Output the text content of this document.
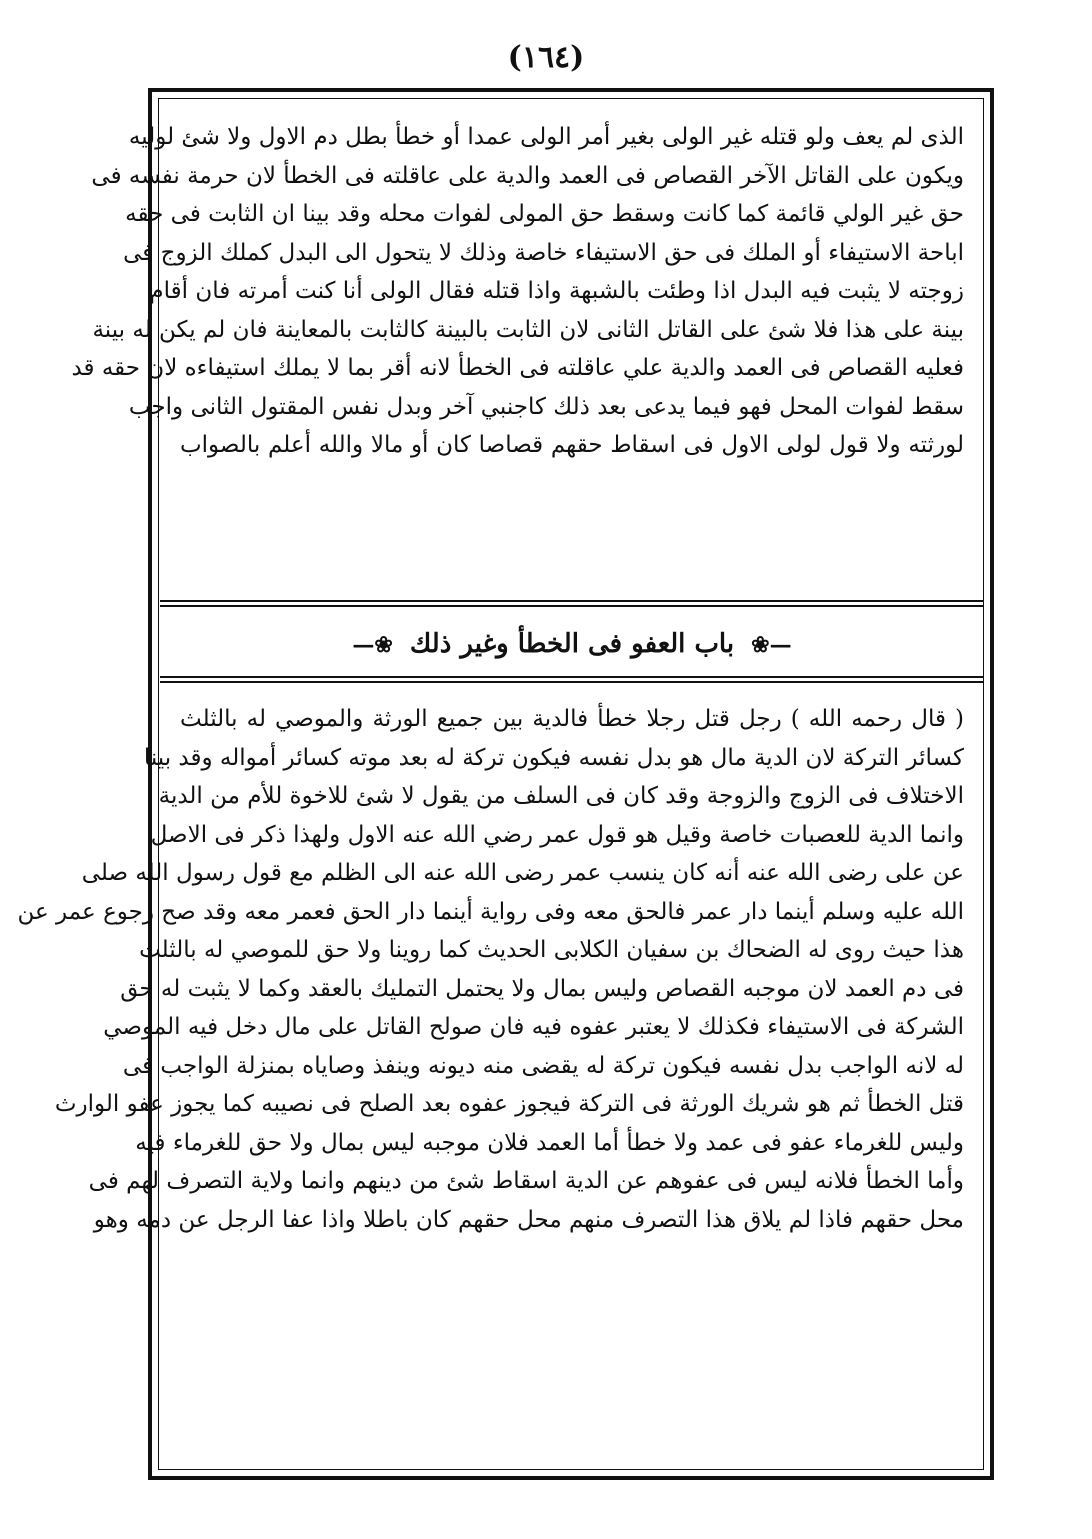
(١٦٤)

الذى لم يعف ولو قتله غير الولى بغير أمر الولى عمدا أو خطأ بطل دم الاول ولا شئ لوليه

ويكون على القاتل الآخر القصاص فى العمد والدية على عاقلته فى الخطأ لان حرمة نفسه فى

حق غير الولي قائمة كما كانت وسقط حق المولى لفوات محله وقد بينا ان الثابت فى حقه

اباحة الاستيفاء أو الملك فى حق الاستيفاء خاصة وذلك لا يتحول الى البدل كملك الزوج فى

زوجته لا يثبت فيه البدل اذا وطئت بالشبهة واذا قتله فقال الولى أنا كنت أمرته فان أقام

بينة على هذا فلا شئ على القاتل الثانى لان الثابت بالبينة كالثابت بالمعاينة فان لم يكن له بينة

فعليه القصاص فى العمد والدية علي عاقلته فى الخطأ لانه أقر بما لا يملك استيفاءه لان حقه قد

سقط لفوات المحل فهو فيما يدعى بعد ذلك كاجنبي آخر وبدل نفس المقتول الثانى واجب

لورثته ولا قول لولى الاول فى اسقاط حقهم قصاصا كان أو مالا والله أعلم بالصواب

—❀ باب العفو فى الخطأ وغير ذلك ❀—

( قال رحمه الله ) رجل قتل رجلا خطأ فالدية بين جميع الورثة والموصي له بالثلث

كسائر التركة لان الدية مال هو بدل نفسه فيكون تركة له بعد موته كسائر أمواله وقد بينا

الاختلاف فى الزوج والزوجة وقد كان فى السلف من يقول لا شئ للاخوة للأم من الدية

وانما الدية للعصبات خاصة وقيل هو قول عمر رضي الله عنه الاول ولهذا ذكر فى الاصل

عن على رضى الله عنه أنه كان ينسب عمر رضى الله عنه الى الظلم مع قول رسول الله صلى

الله عليه وسلم أينما دار عمر فالحق معه وفى رواية أينما دار الحق فعمر معه وقد صح رجوع عمر عن

هذا حيث روى له الضحاك بن سفيان الكلابى الحديث كما روينا ولا حق للموصي له بالثلث

فى دم العمد لان موجبه القصاص وليس بمال ولا يحتمل التمليك بالعقد وكما لا يثبت له حق

الشركة فى الاستيفاء فكذلك لا يعتبر عفوه فيه فان صولح القاتل على مال دخل فيه الموصي

له لانه الواجب بدل نفسه فيكون تركة له يقضى منه ديونه وينفذ وصاياه بمنزلة الواجب فى

قتل الخطأ ثم هو شريك الورثة فى التركة فيجوز عفوه بعد الصلح فى نصيبه كما يجوز عفو الوارث

وليس للغرماء عفو فى عمد ولا خطأ أما العمد فلان موجبه ليس بمال ولا حق للغرماء فيه

وأما الخطأ فلانه ليس فى عفوهم عن الدية اسقاط شئ من دينهم وانما ولاية التصرف لهم فى

محل حقهم فاذا لم يلاق هذا التصرف منهم محل حقهم كان باطلا واذا عفا الرجل عن دمه وهو
